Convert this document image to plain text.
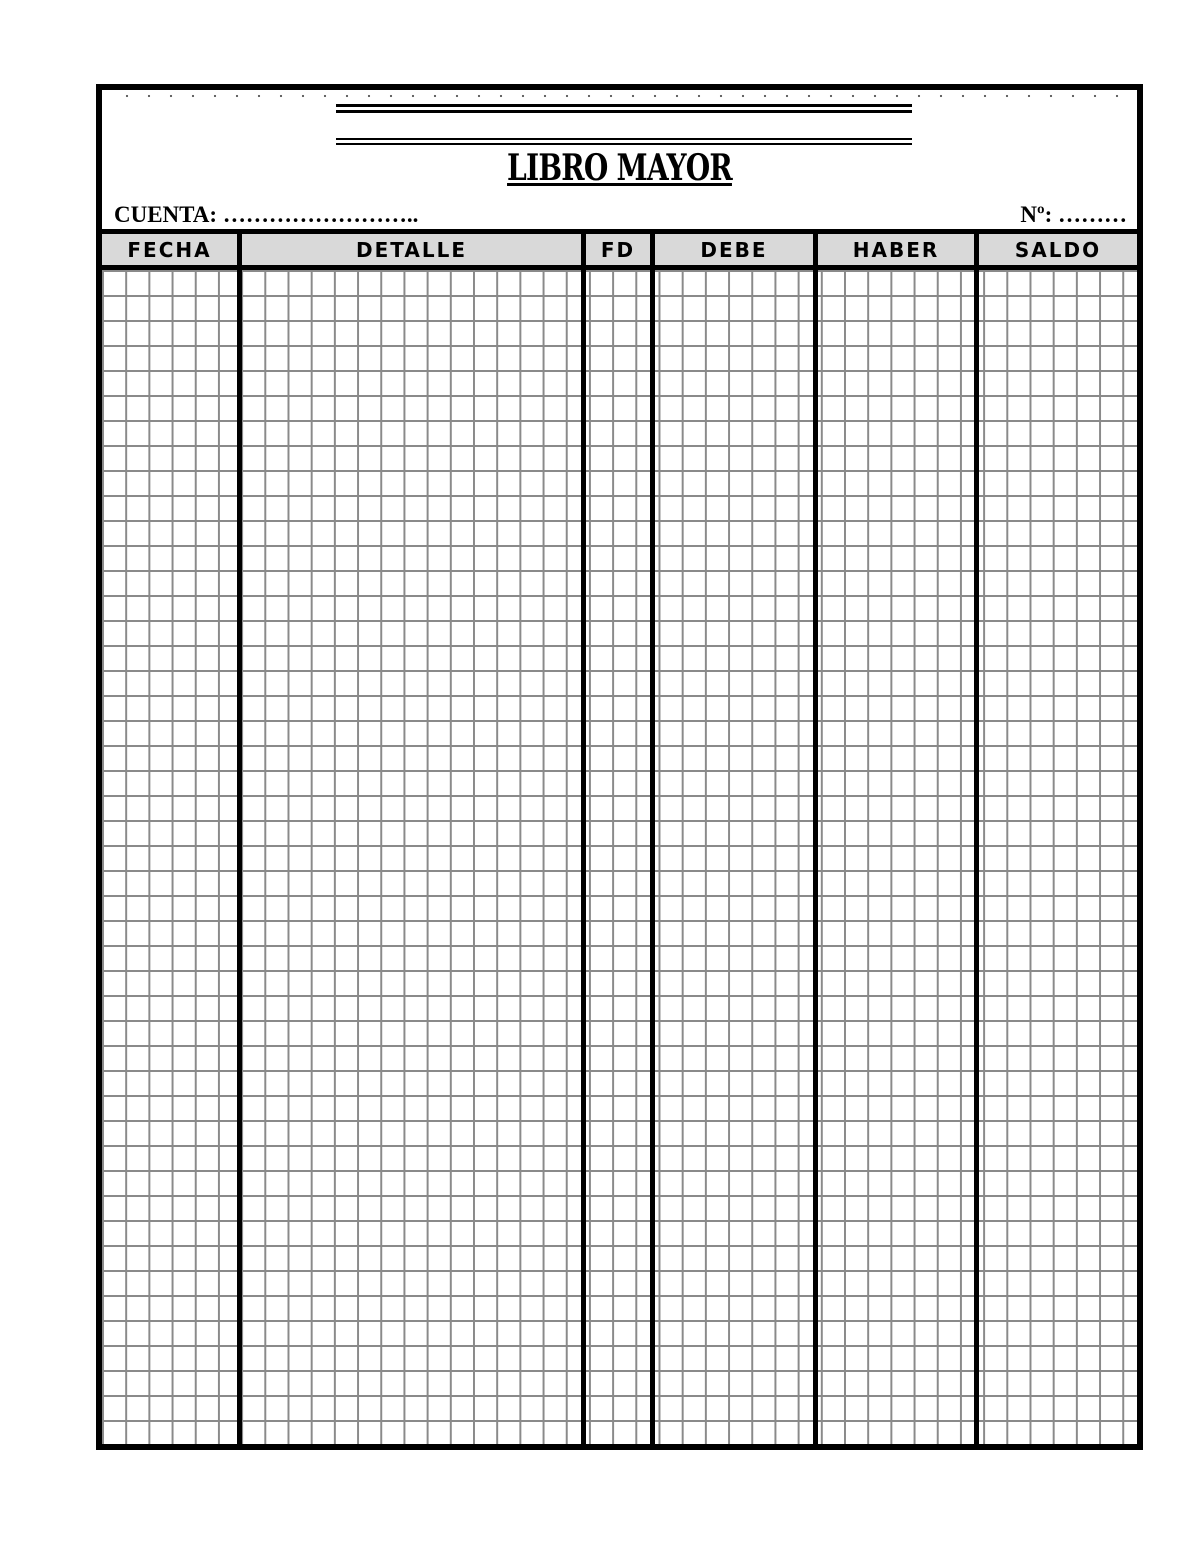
LIBRO MAYOR
CUENTA: ……………………..	Nº: ………
FECHA	DETALLE	FD	DEBE	HABER	SALDO
